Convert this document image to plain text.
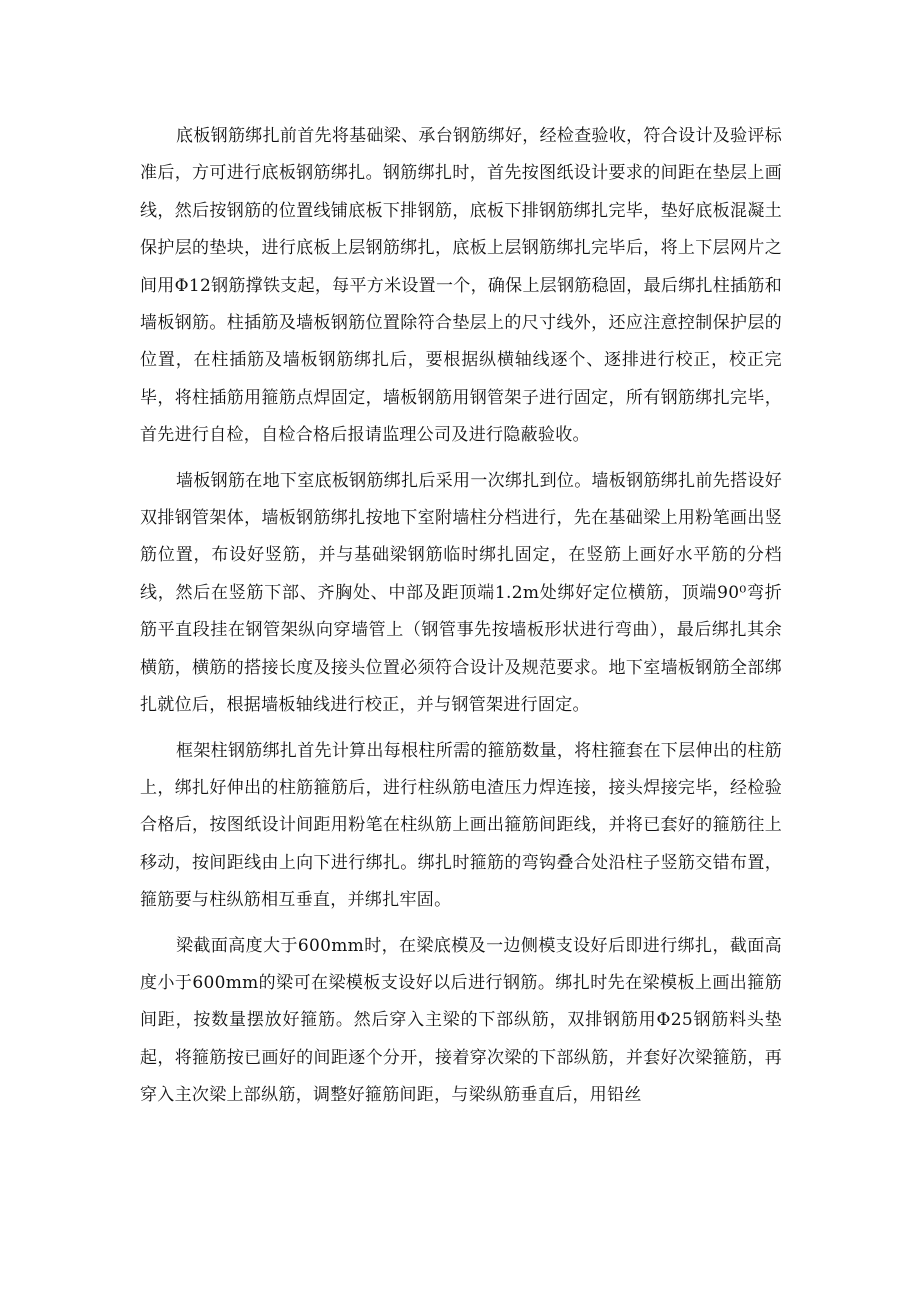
底板钢筋绑扎前首先将基础梁、承台钢筋绑好，经检查验收，符合设计及验评标准后，方可进行底板钢筋绑扎。钢筋绑扎时，首先按图纸设计要求的间距在垫层上画线，然后按钢筋的位置线铺底板下排钢筋，底板下排钢筋绑扎完毕，垫好底板混凝土保护层的垫块，进行底板上层钢筋绑扎，底板上层钢筋绑扎完毕后，将上下层网片之间用Φ12钢筋撑铁支起，每平方米设置一个，确保上层钢筋稳固，最后绑扎柱插筋和墙板钢筋。柱插筋及墙板钢筋位置除符合垫层上的尺寸线外，还应注意控制保护层的位置，在柱插筋及墙板钢筋绑扎后，要根据纵横轴线逐个、逐排进行校正，校正完毕，将柱插筋用箍筋点焊固定，墙板钢筋用钢管架子进行固定，所有钢筋绑扎完毕，首先进行自检，自检合格后报请监理公司及进行隐蔽验收。

墙板钢筋在地下室底板钢筋绑扎后采用一次绑扎到位。墙板钢筋绑扎前先搭设好双排钢管架体，墙板钢筋绑扎按地下室附墙柱分档进行，先在基础梁上用粉笔画出竖筋位置，布设好竖筋，并与基础梁钢筋临时绑扎固定，在竖筋上画好水平筋的分档线，然后在竖筋下部、齐胸处、中部及距顶端1.2m处绑好定位横筋，顶端90⁰弯折筋平直段挂在钢管架纵向穿墙管上（钢管事先按墙板形状进行弯曲），最后绑扎其余横筋，横筋的搭接长度及接头位置必须符合设计及规范要求。地下室墙板钢筋全部绑扎就位后，根据墙板轴线进行校正，并与钢管架进行固定。

框架柱钢筋绑扎首先计算出每根柱所需的箍筋数量，将柱箍套在下层伸出的柱筋上，绑扎好伸出的柱筋箍筋后，进行柱纵筋电渣压力焊连接，接头焊接完毕，经检验合格后，按图纸设计间距用粉笔在柱纵筋上画出箍筋间距线，并将已套好的箍筋往上移动，按间距线由上向下进行绑扎。绑扎时箍筋的弯钩叠合处沿柱子竖筋交错布置，箍筋要与柱纵筋相互垂直，并绑扎牢固。

梁截面高度大于600mm时，在梁底模及一边侧模支设好后即进行绑扎，截面高度小于600mm的梁可在梁模板支设好以后进行钢筋。绑扎时先在梁模板上画出箍筋间距，按数量摆放好箍筋。然后穿入主梁的下部纵筋，双排钢筋用Φ25钢筋料头垫起，将箍筋按已画好的间距逐个分开，接着穿次梁的下部纵筋，并套好次梁箍筋，再穿入主次梁上部纵筋，调整好箍筋间距，与梁纵筋垂直后，用铅丝
